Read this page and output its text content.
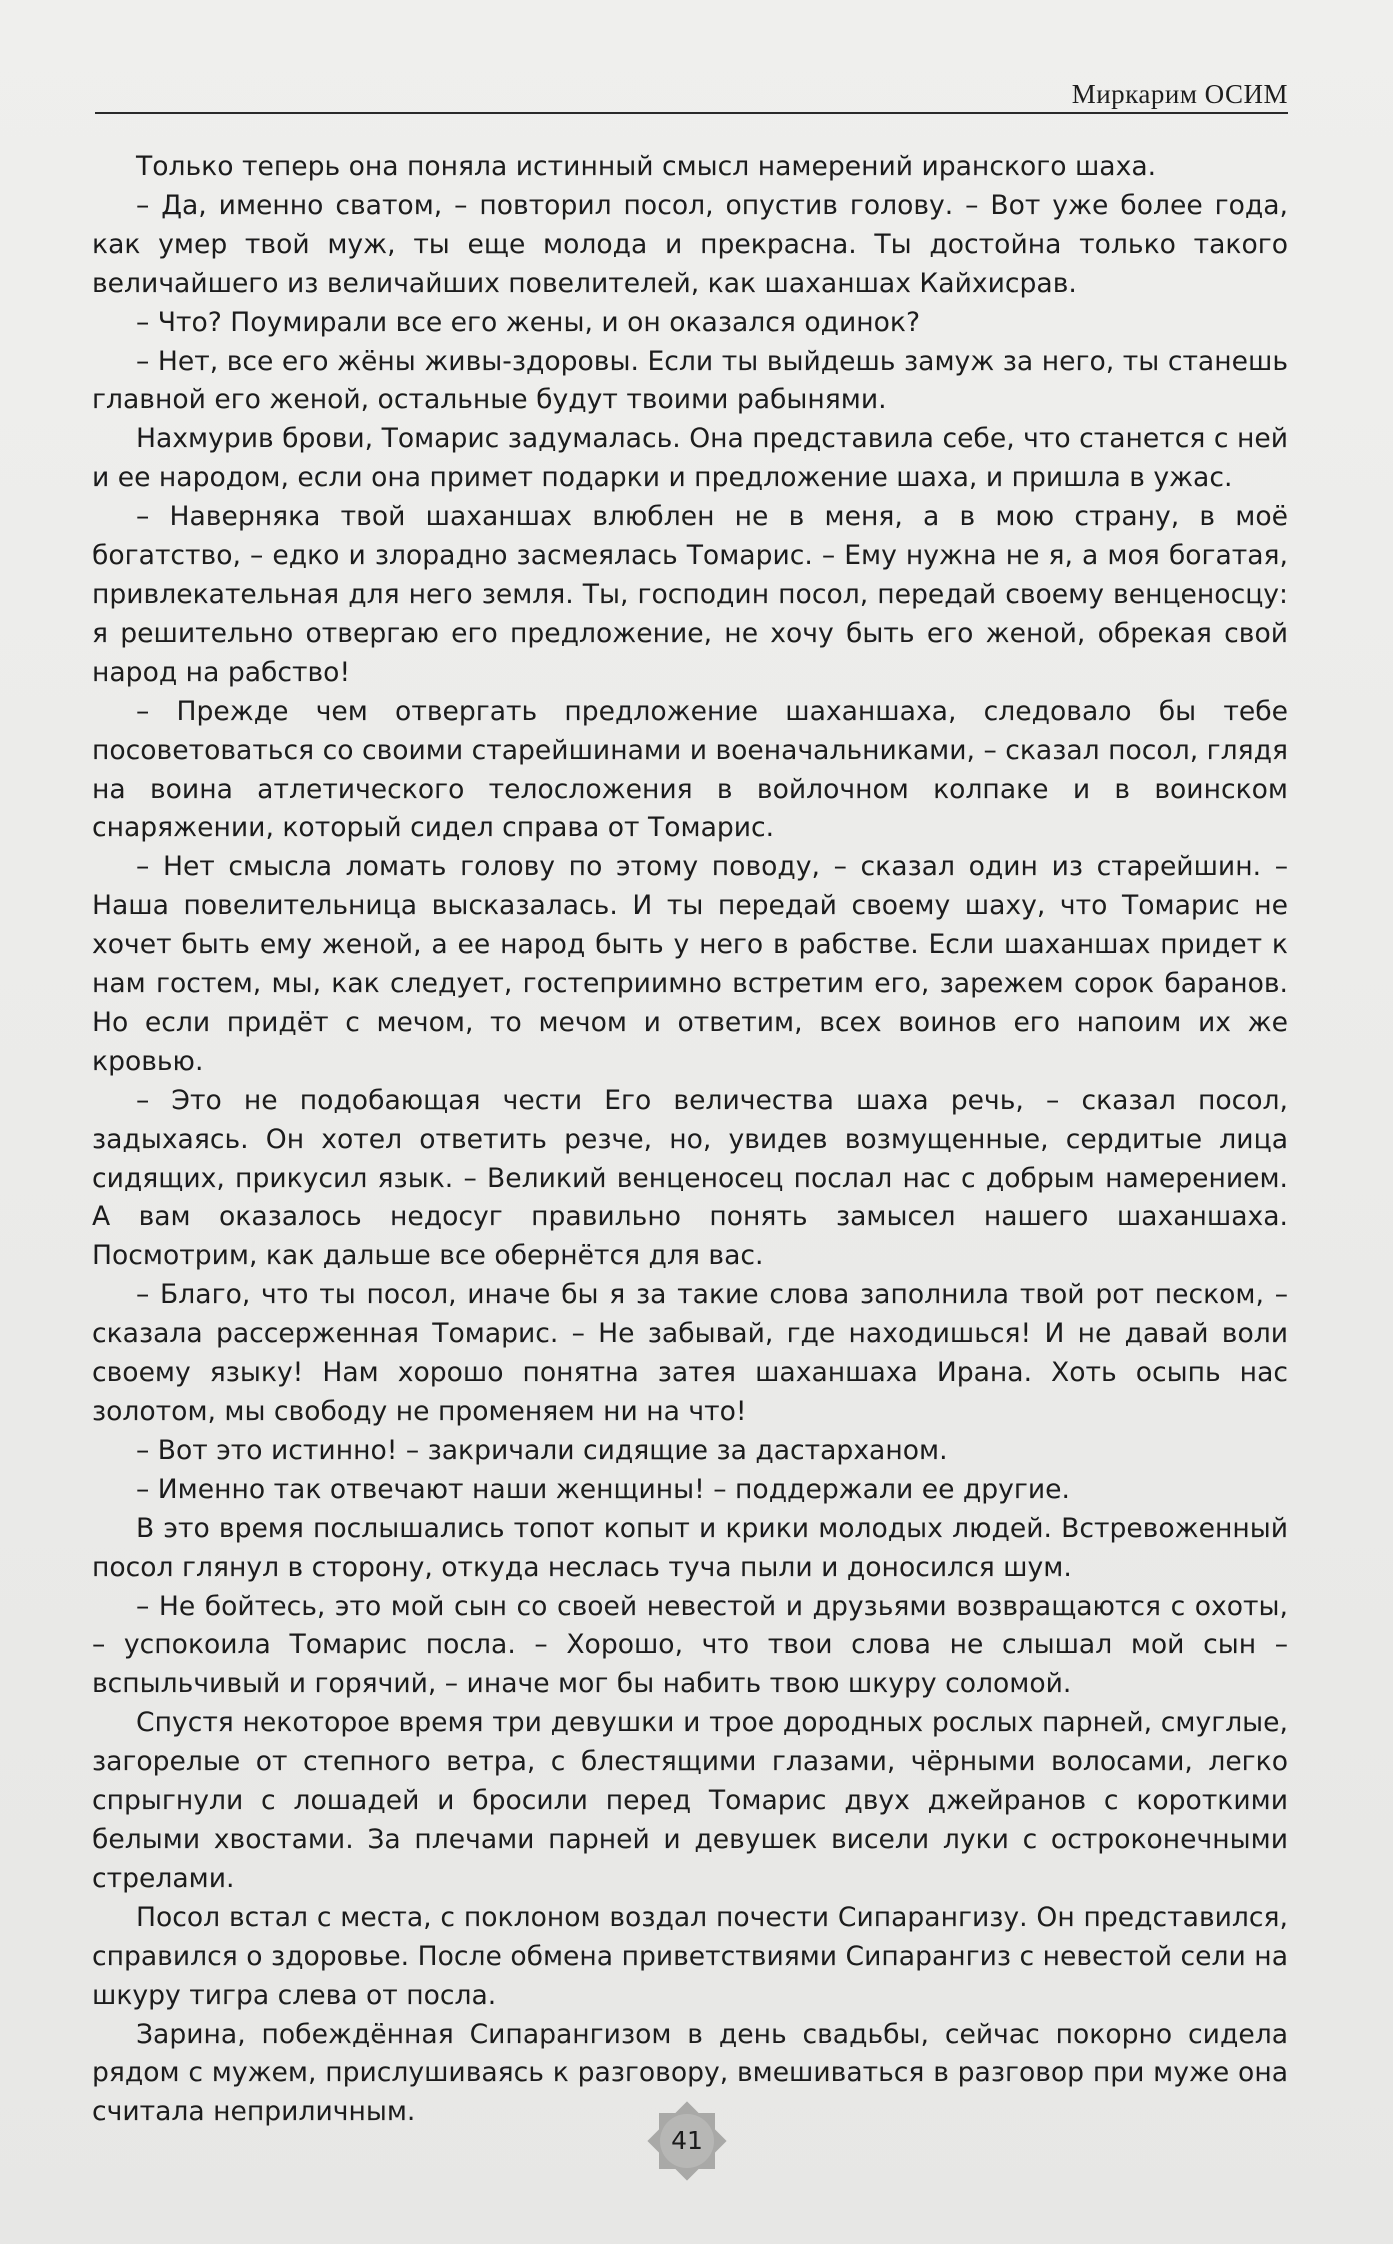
Миркарим ОСИМ

Только теперь она поняла истинный смысл намерений иранского шаха.

– Да, именно сватом, – повторил посол, опустив голову. – Вот уже более года, как умер твой муж, ты еще молода и прекрасна. Ты достойна только такого величайшего из величайших повелителей, как шаханшах Кайхисрав.

– Что? Поумирали все его жены, и он оказался одинок?

– Нет, все его жёны живы-здоровы. Если ты выйдешь замуж за него, ты станешь главной его женой, остальные будут твоими рабынями.

Нахмурив брови, Томарис задумалась. Она представила себе, что станется с ней и ее народом, если она примет подарки и предложение шаха, и пришла в ужас.

– Наверняка твой шаханшах влюблен не в меня, а в мою страну, в моё богатство, – едко и злорадно засмеялась Томарис. – Ему нужна не я, а моя богатая, привлекательная для него земля. Ты, господин посол, передай своему венценосцу: я решительно отвергаю его предложение, не хочу быть его женой, обрекая свой народ на рабство!

– Прежде чем отвергать предложение шаханшаха, следовало бы тебе посоветоваться со своими старейшинами и военачальниками, – сказал посол, глядя на воина атлетического телосложения в войлочном колпаке и в воинском снаряжении, который сидел справа от Томарис.

– Нет смысла ломать голову по этому поводу, – сказал один из старейшин. – Наша повелительница высказалась. И ты передай своему шаху, что Томарис не хочет быть ему женой, а ее народ быть у него в рабстве. Если шаханшах придет к нам гостем, мы, как следует, гостеприимно встретим его, зарежем сорок баранов. Но если придёт с мечом, то мечом и ответим, всех воинов его напоим их же кровью.

– Это не подобающая чести Его величества шаха речь, – сказал посол, задыхаясь. Он хотел ответить резче, но, увидев возмущенные, сердитые лица сидящих, прикусил язык. – Великий венценосец послал нас с добрым намерением. А вам оказалось недосуг правильно понять замысел нашего шаханшаха. Посмотрим, как дальше все обернётся для вас.

– Благо, что ты посол, иначе бы я за такие слова заполнила твой рот песком, – сказала рассерженная Томарис. – Не забывай, где находишься! И не давай воли своему языку! Нам хорошо понятна затея шаханшаха Ирана. Хоть осыпь нас золотом, мы свободу не променяем ни на что!

– Вот это истинно! – закричали сидящие за дастарханом.

– Именно так отвечают наши женщины! – поддержали ее другие.

В это время послышались топот копыт и крики молодых людей. Встревоженный посол глянул в сторону, откуда неслась туча пыли и доносился шум.

– Не бойтесь, это мой сын со своей невестой и друзьями возвращаются с охоты, – успокоила Томарис посла. – Хорошо, что твои слова не слышал мой сын – вспыльчивый и горячий, – иначе мог бы набить твою шкуру соломой.

Спустя некоторое время три девушки и трое дородных рослых парней, смуглые, загорелые от степного ветра, с блестящими глазами, чёрными волосами, легко спрыгнули с лошадей и бросили перед Томарис двух джейранов с короткими белыми хвостами. За плечами парней и девушек висели луки с остроконечными стрелами.

Посол встал с места, с поклоном воздал почести Сипарангизу. Он представился, справился о здоровье. После обмена приветствиями Сипарангиз с невестой сели на шкуру тигра слева от посла.

Зарина, побеждённая Сипарангизом в день свадьбы, сейчас покорно сидела рядом с мужем, прислушиваясь к разговору, вмешиваться в разговор при муже она считала неприличным.

41
